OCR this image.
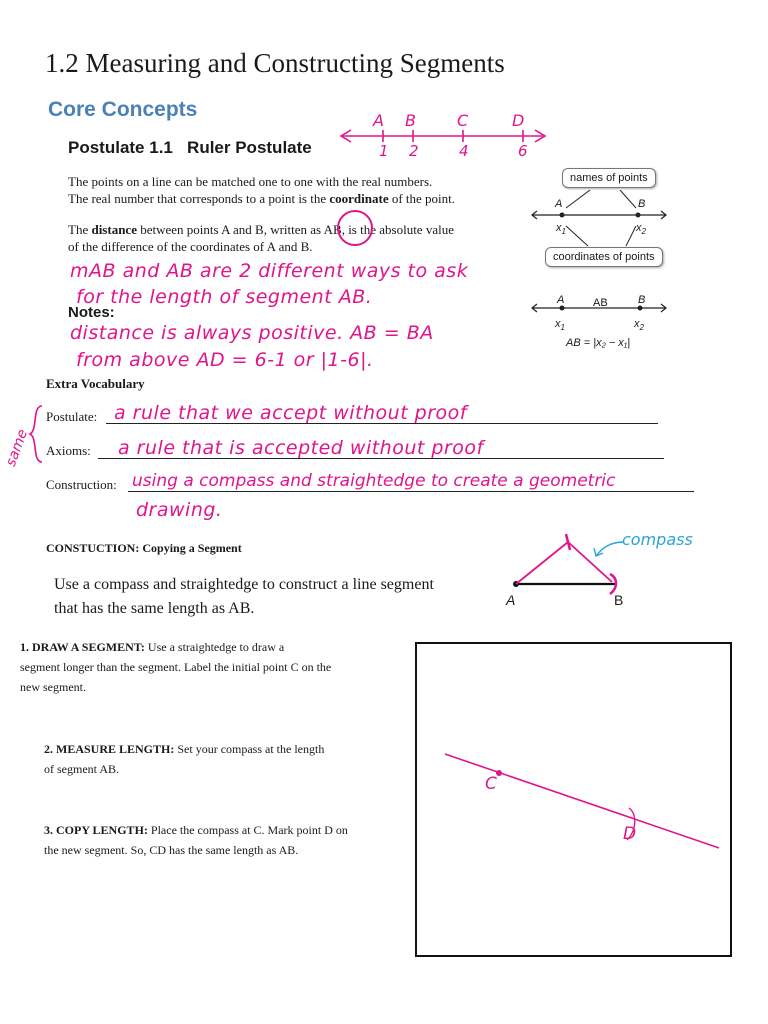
1.2 Measuring and Constructing Segments
Core Concepts
Postulate 1.1   Ruler Postulate
The points on a line can be matched one to one with the real numbers.
The real number that corresponds to a point is the coordinate of the point.
The distance between points A and B, written as AB, is the absolute value
of the difference of the coordinates of A and B.
A B	C	D
1 2	4	6
names of points
coordinates of points
A	B
$x_1$	$x_2$
A	AB	B
$x_1$	$x_2$
AB = |x₂ − x₁|
mAB and AB are 2 different ways to ask
for the length of segment AB.
Notes:
distance is always positive. AB = BA
from above AD = 6-1 or |1-6|.
Extra Vocabulary
same
Postulate: a rule that we accept without proof
Axioms: a rule that is accepted without proof
Construction: using a compass and straightedge to create a geometric
drawing.
CONSTUCTION: Copying a Segment
Use a compass and straightedge to construct a line segment
that has the same length as AB.
compass
A	B
1. DRAW A SEGMENT: Use a straightedge to draw a
segment longer than the segment. Label the initial point C on the
new segment.
2. MEASURE LENGTH: Set your compass at the length
of segment AB.
3. COPY LENGTH: Place the compass at C. Mark point D on
the new segment. So, CD has the same length as AB.
C
D
